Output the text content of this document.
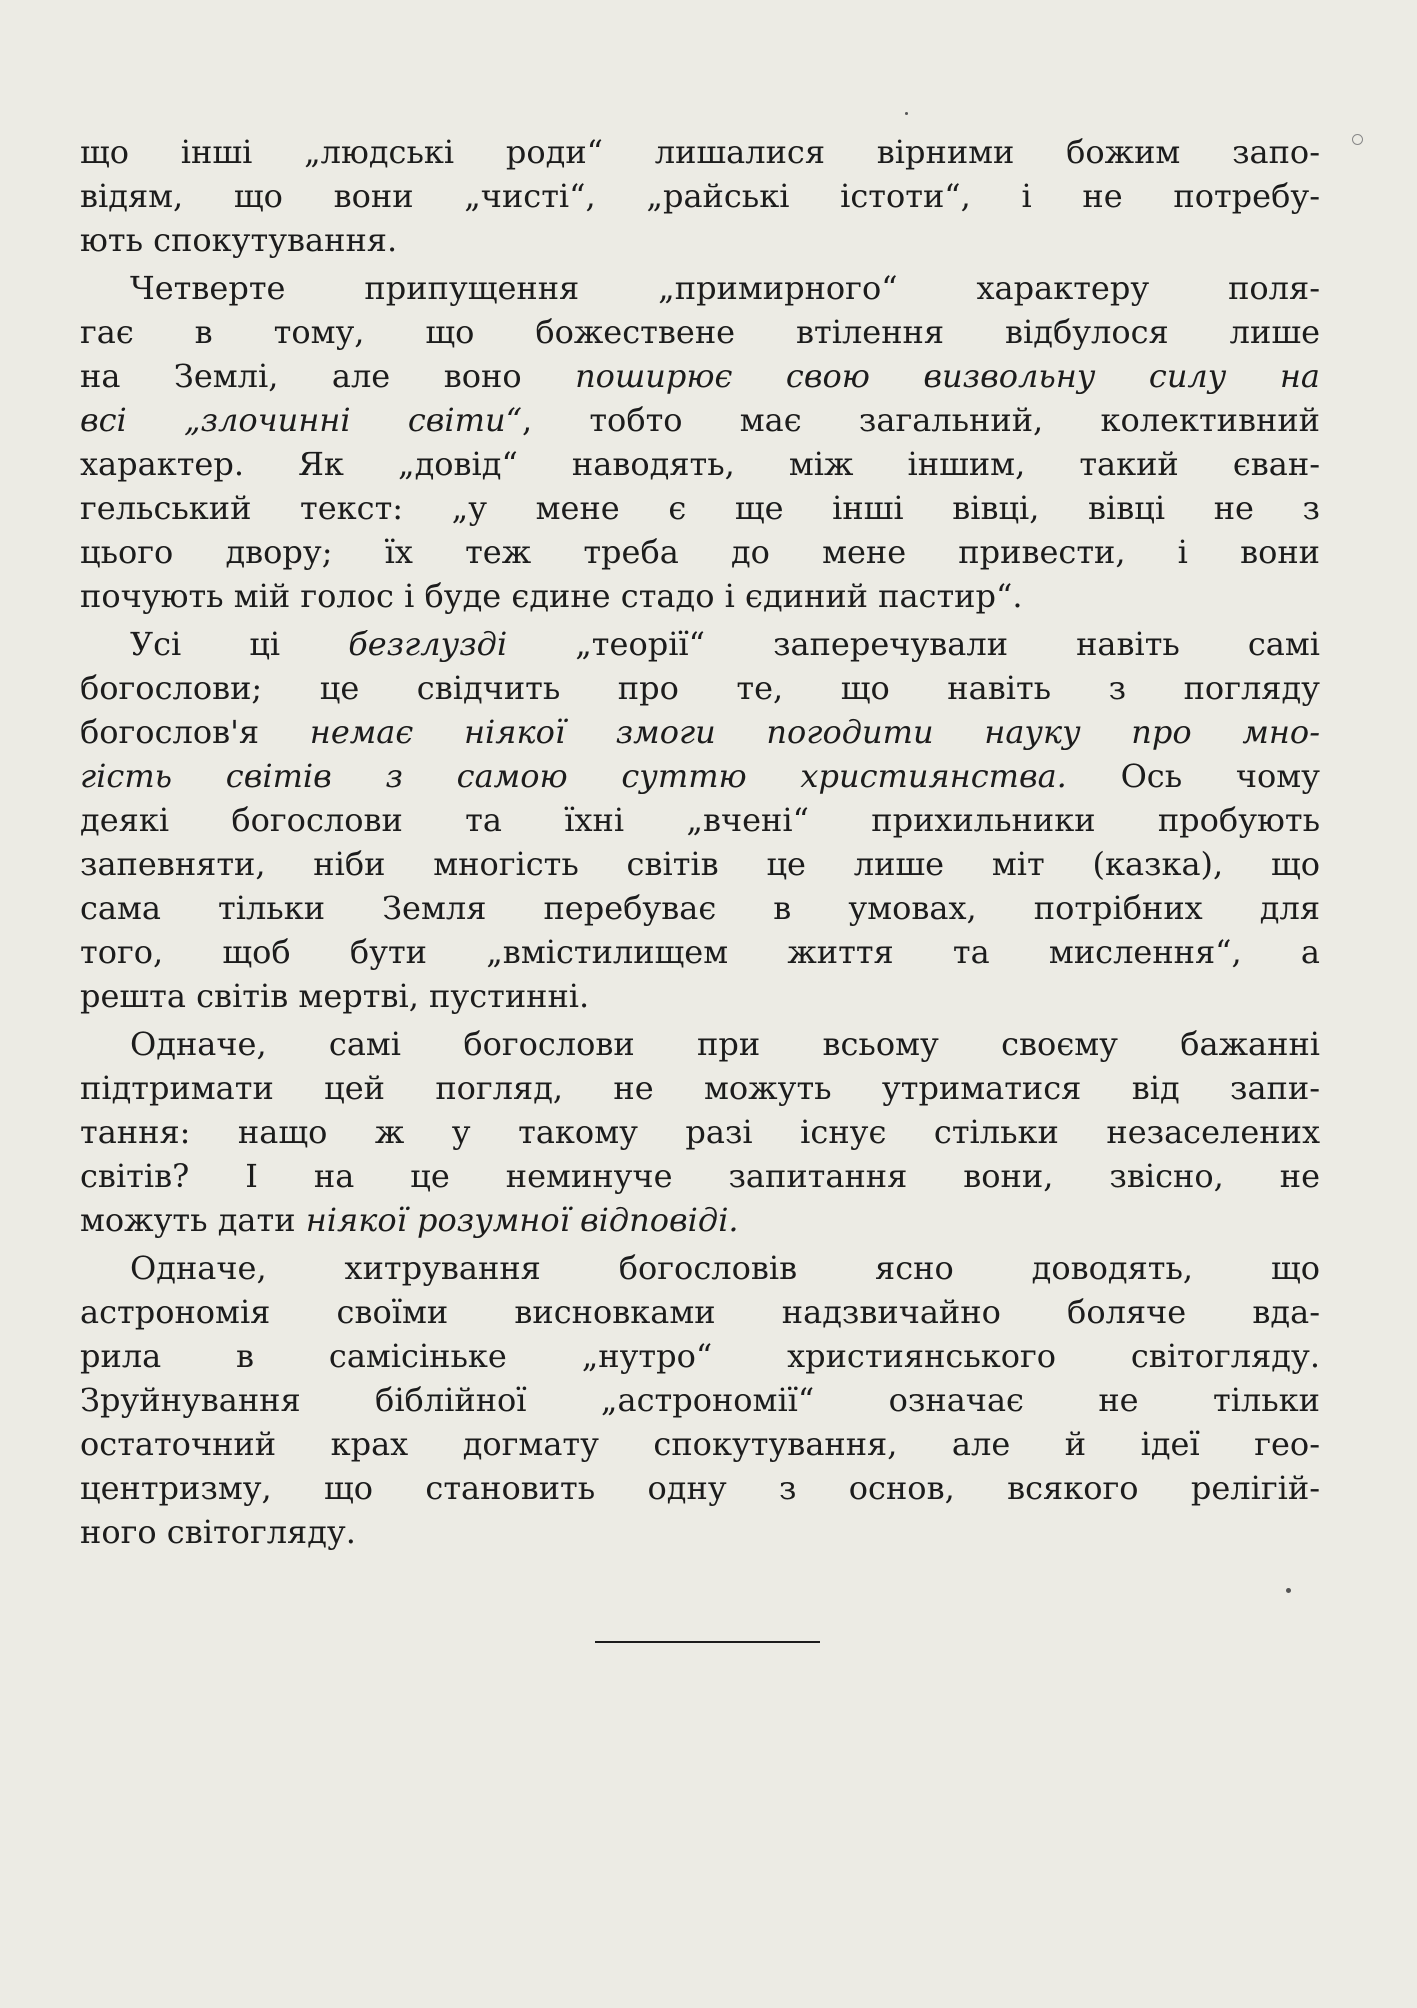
що інші „людські роди“ лишалися вірними божим запо-
відям, що вони „чисті“, „райські істоти“, і не потребу-
ють спокутування.
Четверте припущення „примирного“ характеру поля-
гає в тому, що божествене втілення відбулося лише
на Землі, але воно поширює свою визвольну силу на
всі „злочинні світи“, тобто має загальний, колективний
характер. Як „довід“ наводять, між іншим, такий єван-
гельський текст: „у мене є ще інші вівці, вівці не з
цього двору; їх теж треба до мене привести, і вони
почують мій голос і буде єдине стадо і єдиний пастир“.
Усі ці безглузді „теорії“ заперечували навіть самі
богослови; це свідчить про те, що навіть з погляду
богослов'я немає ніякої змоги погодити науку про мно-
гість світів з самою суттю християнства. Ось чому
деякі богослови та їхні „вчені“ прихильники пробують
запевняти, ніби многість світів це лише міт (казка), що
сама тільки Земля перебуває в умовах, потрібних для
того, щоб бути „вмістилищем життя та мислення“, а
решта світів мертві, пустинні.
Одначе, самі богослови при всьому своєму бажанні
підтримати цей погляд, не можуть утриматися від запи-
тання: нащо ж у такому разі існує стільки незаселених
світів? І на це неминуче запитання вони, звісно, не
можуть дати ніякої розумної відповіді.
Одначе, хитрування богословів ясно доводять, що
астрономія своїми висновками надзвичайно боляче вда-
рила в самісіньке „нутро“ християнського світогляду.
Зруйнування біблійної „астрономії“ означає не тільки
остаточний крах догмату спокутування, але й ідеї гео-
центризму, що становить одну з основ, всякого релігій-
ного світогляду.
